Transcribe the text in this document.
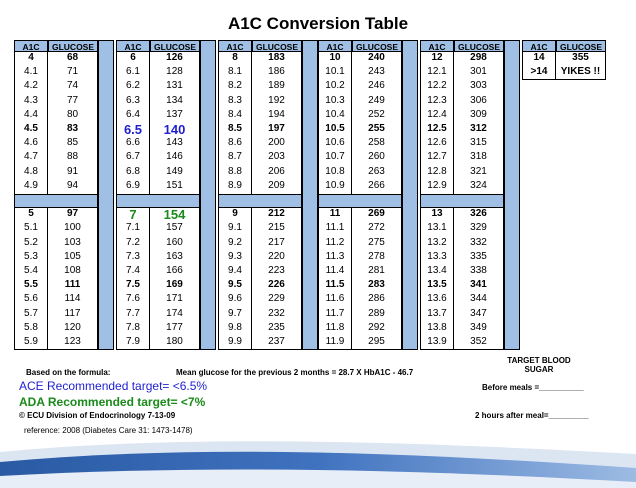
A1C Conversion Table
A1C	GLUCOSE
4	68
4.1	71
4.2	74
4.3	77
4.4	80
4.5	83
4.6	85
4.7	88
4.8	91
4.9	94
5	97
5.1	100
5.2	103
5.3	105
5.4	108
5.5	111
5.6	114
5.7	117
5.8	120
5.9	123
A1C	GLUCOSE
6	126
6.1	128
6.2	131
6.3	134
6.4	137
6.5	140
6.6	143
6.7	146
6.8	149
6.9	151
7	154
7.1	157
7.2	160
7.3	163
7.4	166
7.5	169
7.6	171
7.7	174
7.8	177
7.9	180
A1C	GLUCOSE
8	183
8.1	186
8.2	189
8.3	192
8.4	194
8.5	197
8.6	200
8.7	203
8.8	206
8.9	209
9	212
9.1	215
9.2	217
9.3	220
9.4	223
9.5	226
9.6	229
9.7	232
9.8	235
9.9	237
A1C	GLUCOSE
10	240
10.1	243
10.2	246
10.3	249
10.4	252
10.5	255
10.6	258
10.7	260
10.8	263
10.9	266
11	269
11.1	272
11.2	275
11.3	278
11.4	281
11.5	283
11.6	286
11.7	289
11.8	292
11.9	295
A1C	GLUCOSE
12	298
12.1	301
12.2	303
12.3	306
12.4	309
12.5	312
12.6	315
12.7	318
12.8	321
12.9	324
13	326
13.1	329
13.2	332
13.3	335
13.4	338
13.5	341
13.6	344
13.7	347
13.8	349
13.9	352
A1C	GLUCOSE
14	355
>14	YIKES !!
Based on the formula:	Mean glucose for the previous 2 months = 28.7 X HbA1C - 46.7
ACE Recommended target= <6.5%
ADA Recommended target= <7%
© ECU Division of Endocrinology 7-13-09
reference: 2008 (Diabetes Care 31: 1473-1478)
TARGET BLOOD
SUGAR
Before meals =__________
2 hours after meal=_________
